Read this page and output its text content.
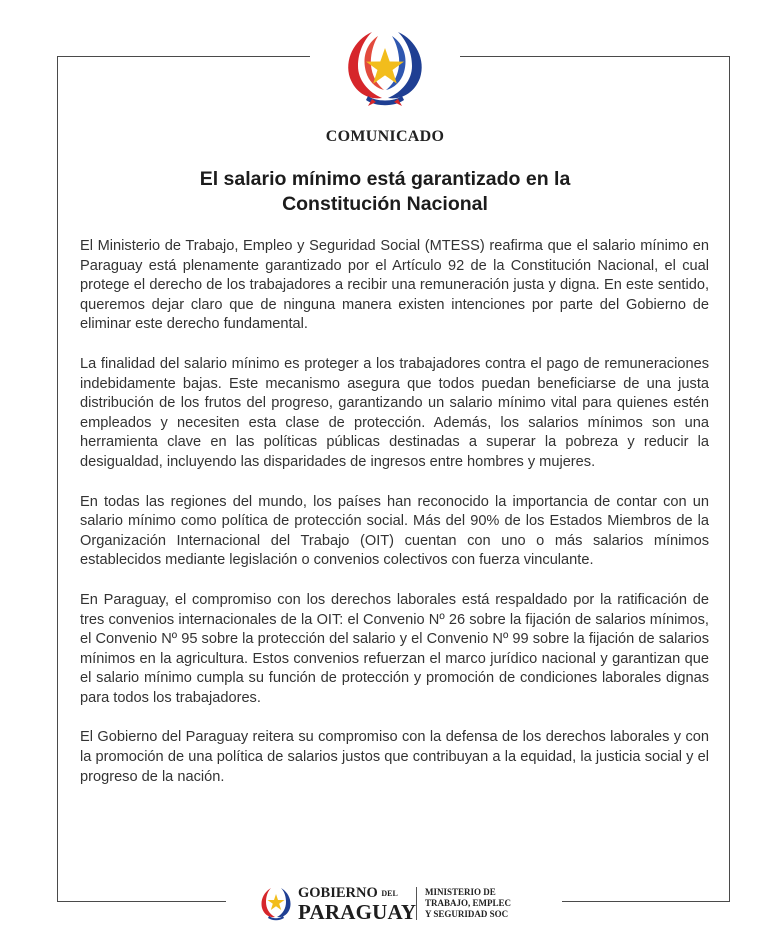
COMUNICADO
El salario mínimo está garantizado en la
Constitución Nacional

El Ministerio de Trabajo, Empleo y Seguridad Social (MTESS) reafirma que el salario mínimo en Paraguay está plenamente garantizado por el Artículo 92 de la Constitución Nacional, el cual protege el derecho de los trabajadores a recibir una remuneración justa y digna. En este sentido, queremos dejar claro que de ninguna manera existen intenciones por parte del Gobierno de eliminar este derecho fundamental.

La finalidad del salario mínimo es proteger a los trabajadores contra el pago de remuneraciones indebidamente bajas. Este mecanismo asegura que todos puedan beneficiarse de una justa distribución de los frutos del progreso, garantizando un salario mínimo vital para quienes estén empleados y necesiten esta clase de protección. Además, los salarios mínimos son una herramienta clave en las políticas públicas destinadas a superar la pobreza y reducir la desigualdad, incluyendo las disparidades de ingresos entre hombres y mujeres.

En todas las regiones del mundo, los países han reconocido la importancia de contar con un salario mínimo como política de protección social. Más del 90% de los Estados Miembros de la Organización Internacional del Trabajo (OIT) cuentan con uno o más salarios mínimos establecidos mediante legislación o convenios colectivos con fuerza vinculante.

En Paraguay, el compromiso con los derechos laborales está respaldado por la ratificación de tres convenios internacionales de la OIT: el Convenio Nº 26 sobre la fijación de salarios mínimos, el Convenio Nº 95 sobre la protección del salario y el Convenio Nº 99 sobre la fijación de salarios mínimos en la agricultura. Estos convenios refuerzan el marco jurídico nacional y garantizan que el salario mínimo cumpla su función de protección y promoción de condiciones laborales dignas para todos los trabajadores.

El Gobierno del Paraguay reitera su compromiso con la defensa de los derechos laborales y con la promoción de una política de salarios justos que contribuyan a la equidad, la justicia social y el progreso de la nación.

GOBIERNO DEL
PARAGUAY
MINISTERIO DE
TRABAJO, EMPLEC
Y SEGURIDAD SOC
